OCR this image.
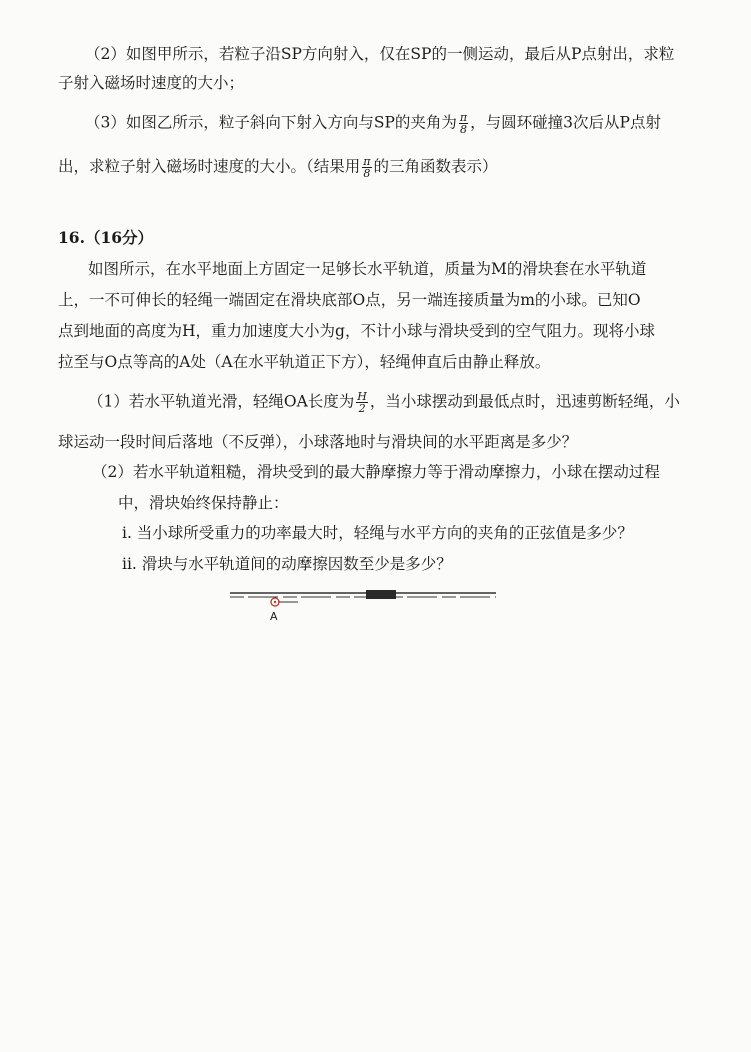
（2）如图甲所示，若粒子沿SP方向射入，仅在SP的一侧运动，最后从P点射出，求粒
子射入磁场时速度的大小；
（3）如图乙所示，粒子斜向下射入方向与SP的夹角为 $\frac{\pi}{8}$ ，与圆环碰撞3次后从P点射
出，求粒子射入磁场时速度的大小。（结果用 $\frac{\pi}{8}$ 的三角函数表示）
16.（16分）
如图所示，在水平地面上方固定一足够长水平轨道，质量为M的滑块套在水平轨道
上，一不可伸长的轻绳一端固定在滑块底部O点，另一端连接质量为m的小球。已知O
点到地面的高度为H，重力加速度大小为g，不计小球与滑块受到的空气阻力。现将小球
拉至与O点等高的A处（A在水平轨道正下方），轻绳伸直后由静止释放。
（1）若水平轨道光滑，轻绳OA长度为 $\frac{H}{2}$ ，当小球摆动到最低点时，迅速剪断轻绳，小
球运动一段时间后落地（不反弹），小球落地时与滑块间的水平距离是多少？
（2）若水平轨道粗糙，滑块受到的最大静摩擦力等于滑动摩擦力，小球在摆动过程
中，滑块始终保持静止：
i. 当小球所受重力的功率最大时，轻绳与水平方向的夹角的正弦值是多少？
ii. 滑块与水平轨道间的动摩擦因数至少是多少？
A
